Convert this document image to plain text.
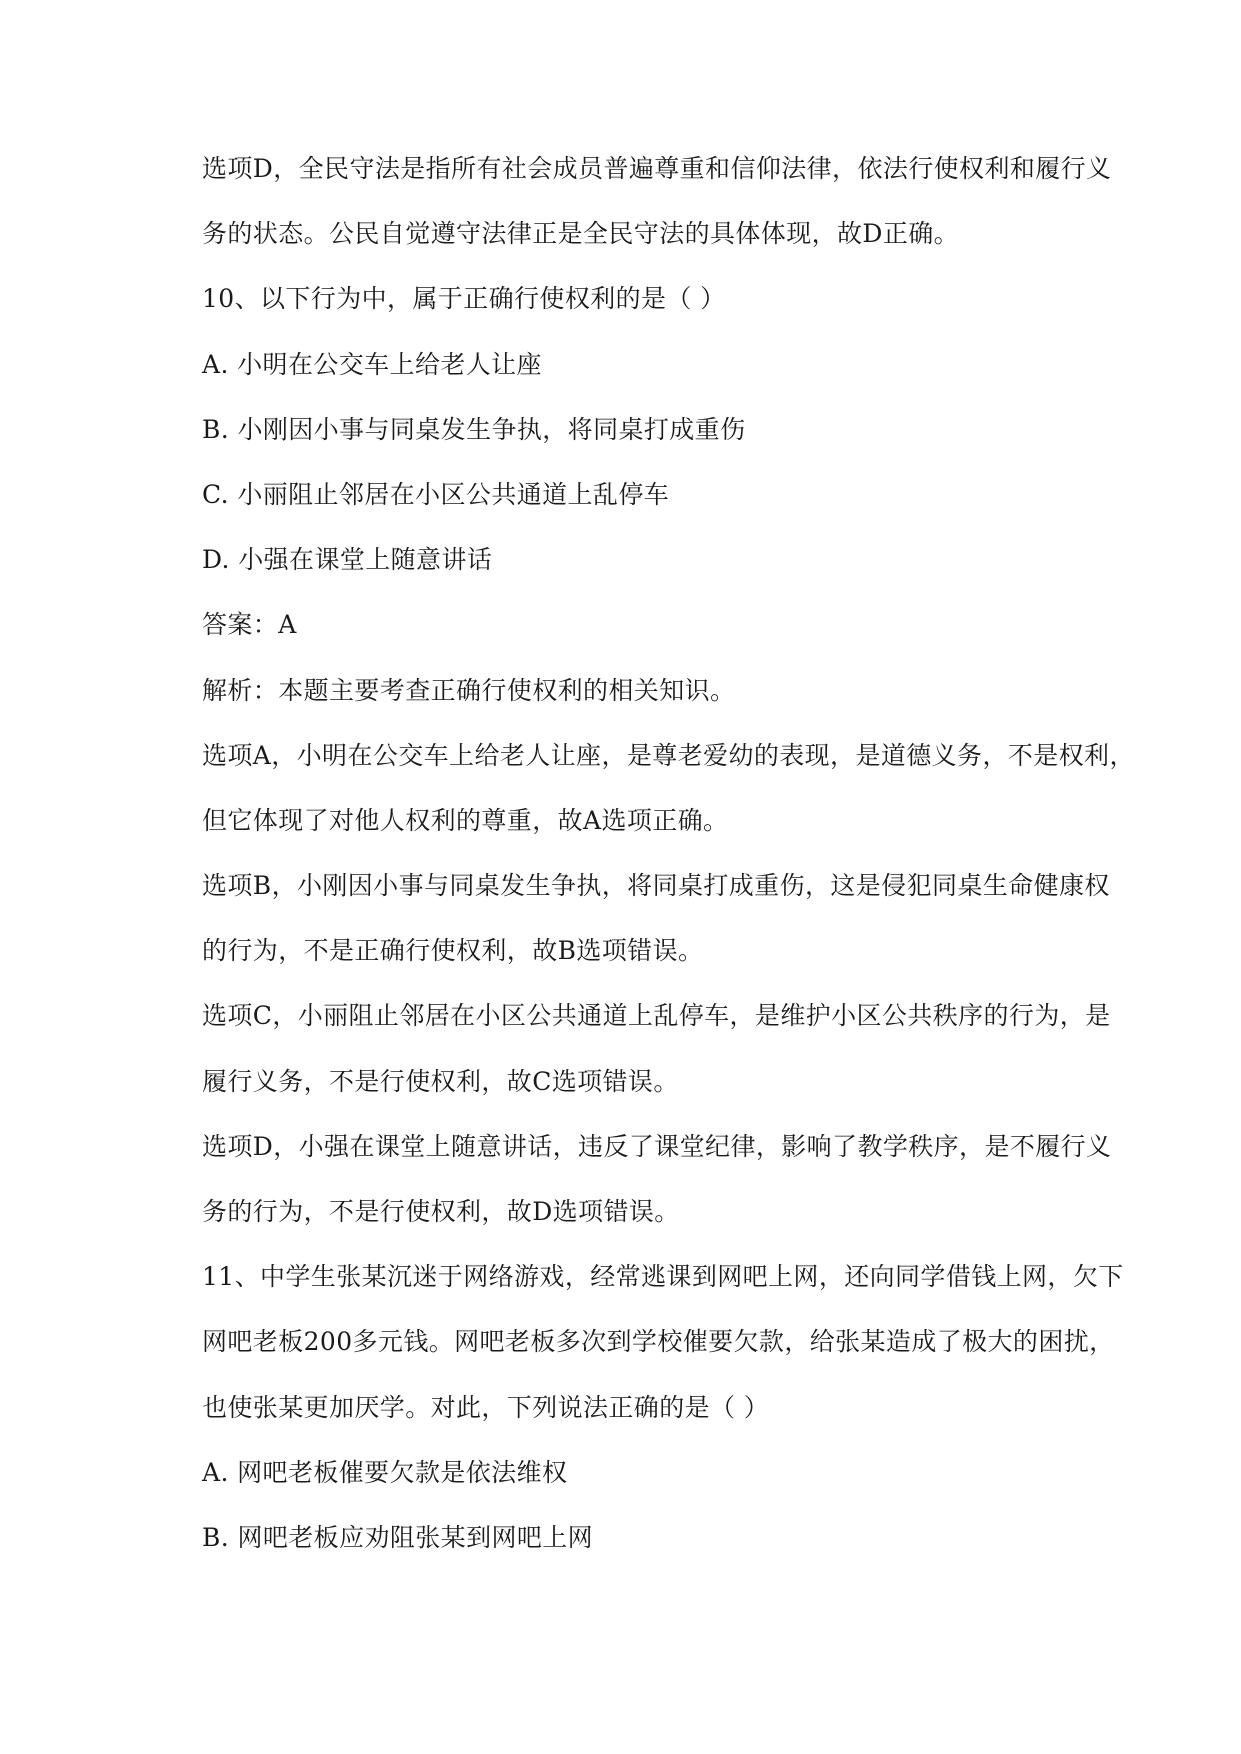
选项D，全民守法是指所有社会成员普遍尊重和信仰法律，依法行使权利和履行义
务的状态。公民自觉遵守法律正是全民守法的具体体现，故D正确。
10、以下行为中，属于正确行使权利的是（ ）
A. 小明在公交车上给老人让座
B. 小刚因小事与同桌发生争执，将同桌打成重伤
C. 小丽阻止邻居在小区公共通道上乱停车
D. 小强在课堂上随意讲话
答案：A
解析：本题主要考查正确行使权利的相关知识。
选项A，小明在公交车上给老人让座，是尊老爱幼的表现，是道德义务，不是权利，
但它体现了对他人权利的尊重，故A选项正确。
选项B，小刚因小事与同桌发生争执，将同桌打成重伤，这是侵犯同桌生命健康权
的行为，不是正确行使权利，故B选项错误。
选项C，小丽阻止邻居在小区公共通道上乱停车，是维护小区公共秩序的行为，是
履行义务，不是行使权利，故C选项错误。
选项D，小强在课堂上随意讲话，违反了课堂纪律，影响了教学秩序，是不履行义
务的行为，不是行使权利，故D选项错误。
11、中学生张某沉迷于网络游戏，经常逃课到网吧上网，还向同学借钱上网，欠下
网吧老板200多元钱。网吧老板多次到学校催要欠款，给张某造成了极大的困扰，
也使张某更加厌学。对此，下列说法正确的是（ ）
A. 网吧老板催要欠款是依法维权
B. 网吧老板应劝阻张某到网吧上网
